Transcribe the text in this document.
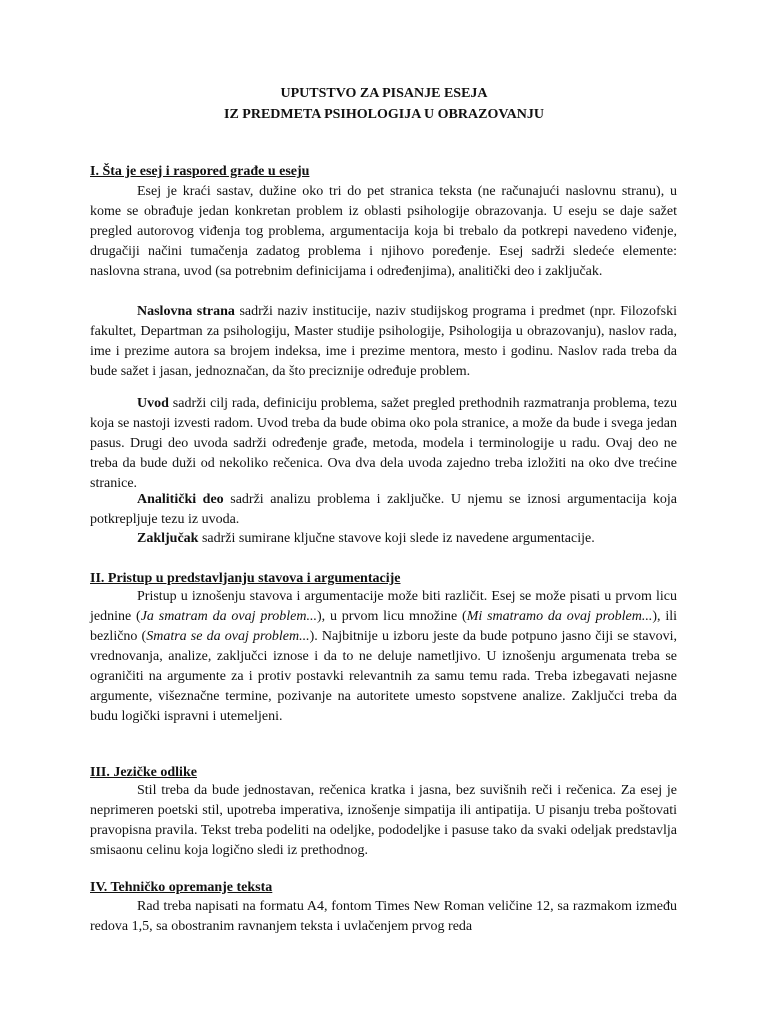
UPUTSTVO ZA PISANJE ESEJA
IZ PREDMETA PSIHOLOGIJA U OBRAZOVANJU
I. Šta je esej i raspored građe u eseju

Esej je kraći sastav, dužine oko tri do pet stranica teksta (ne računajući naslovnu stranu), u kome se obrađuje jedan konkretan problem iz oblasti psihologije obrazovanja. U eseju se daje sažet pregled autorovog viđenja tog problema, argumentacija koja bi trebalo da potkrepi navedeno viđenje, drugačiji načini tumačenja zadatog problema i njihovo poređenje. Esej sadrži sledeće elemente: naslovna strana, uvod (sa potrebnim definicijama i određenjima), analitički deo i zaključak.

Naslovna strana sadrži naziv institucije, naziv studijskog programa i predmet (npr. Filozofski fakultet, Departman za psihologiju, Master studije psihologije, Psihologija u obrazovanju), naslov rada, ime i prezime autora sa brojem indeksa, ime i prezime mentora, mesto i godinu. Naslov rada treba da bude sažet i jasan, jednoznačan, da što preciznije određuje problem.

Uvod sadrži cilj rada, definiciju problema, sažet pregled prethodnih razmatranja problema, tezu koja se nastoji izvesti radom. Uvod treba da bude obima oko pola stranice, a može da bude i svega jedan pasus. Drugi deo uvoda sadrži određenje građe, metoda, modela i terminologije u radu. Ovaj deo ne treba da bude duži od nekoliko rečenica. Ova dva dela uvoda zajedno treba izložiti na oko dve trećine stranice.

Analitički deo sadrži analizu problema i zaključke. U njemu se iznosi argumentacija koja potkrepljuje tezu iz uvoda.

Zaključak sadrži sumirane ključne stavove koji slede iz navedene argumentacije.

II. Pristup u predstavljanju stavova i argumentacije

Pristup u iznošenju stavova i argumentacije može biti različit. Esej se može pisati u prvom licu jednine (Ja smatram da ovaj problem...), u prvom licu množine (Mi smatramo da ovaj problem...), ili bezlično (Smatra se da ovaj problem...). Najbitnije u izboru jeste da bude potpuno jasno čiji se stavovi, vrednovanja, analize, zaključci iznose i da to ne deluje nametljivo. U iznošenju argumenata treba se ograničiti na argumente za i protiv postavki relevantnih za samu temu rada. Treba izbegavati nejasne argumente, višeznačne termine, pozivanje na autoritete umesto sopstvene analize. Zaključci treba da budu logički ispravni i utemeljeni.

III. Jezičke odlike

Stil treba da bude jednostavan, rečenica kratka i jasna, bez suvišnih reči i rečenica. Za esej je neprimeren poetski stil, upotreba imperativa, iznošenje simpatija ili antipatija. U pisanju treba poštovati pravopisna pravila. Tekst treba podeliti na odeljke, pododeljke i pasuse tako da svaki odeljak predstavlja smisaonu celinu koja logično sledi iz prethodnog.

IV. Tehničko opremanje teksta

Rad treba napisati na formatu A4, fontom Times New Roman veličine 12, sa razmakom između redova 1,5, sa obostranim ravnanjem teksta i uvlačenjem prvog reda
